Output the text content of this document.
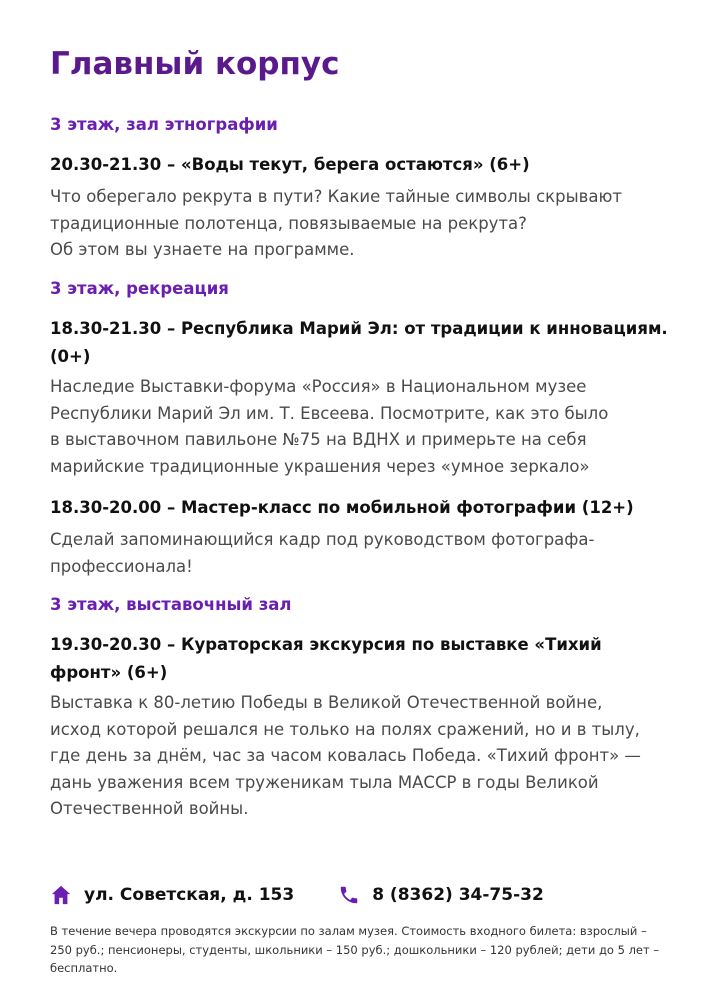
Главный корпус
3 этаж, зал этнографии
20.30-21.30 – «Воды текут, берега остаются» (6+)
Что оберегало рекрута в пути? Какие тайные символы скрывают
традиционные полотенца, повязываемые на рекрута?
Об этом вы узнаете на программе.
3 этаж, рекреация
18.30-21.30 – Республика Марий Эл: от традиции к инновациям. (0+)
Наследие Выставки-форума «Россия» в Национальном музее
Республики Марий Эл им. Т. Евсеева. Посмотрите, как это было
в выставочном павильоне №75 на ВДНХ и примерьте на себя
марийские традиционные украшения через «умное зеркало»
18.30-20.00 – Мастер-класс по мобильной фотографии (12+)
Сделай запоминающийся кадр под руководством фотографа-
профессионала!
3 этаж, выставочный зал
19.30-20.30 – Кураторская экскурсия по выставке «Тихий фронт» (6+)
Выставка к 80-летию Победы в Великой Отечественной войне,
исход которой решался не только на полях сражений, но и в тылу,
где день за днём, час за часом ковалась Победа. «Тихий фронт» —
дань уважения всем труженикам тыла МАССР в годы Великой
Отечественной войны.
ул. Советская, д. 153	8 (8362) 34-75-32
В течение вечера проводятся экскурсии по залам музея. Стоимость входного билета: взрослый – 250 руб.; пенсионеры, студенты, школьники – 150 руб.; дошкольники – 120 рублей; дети до 5 лет – бесплатно.
